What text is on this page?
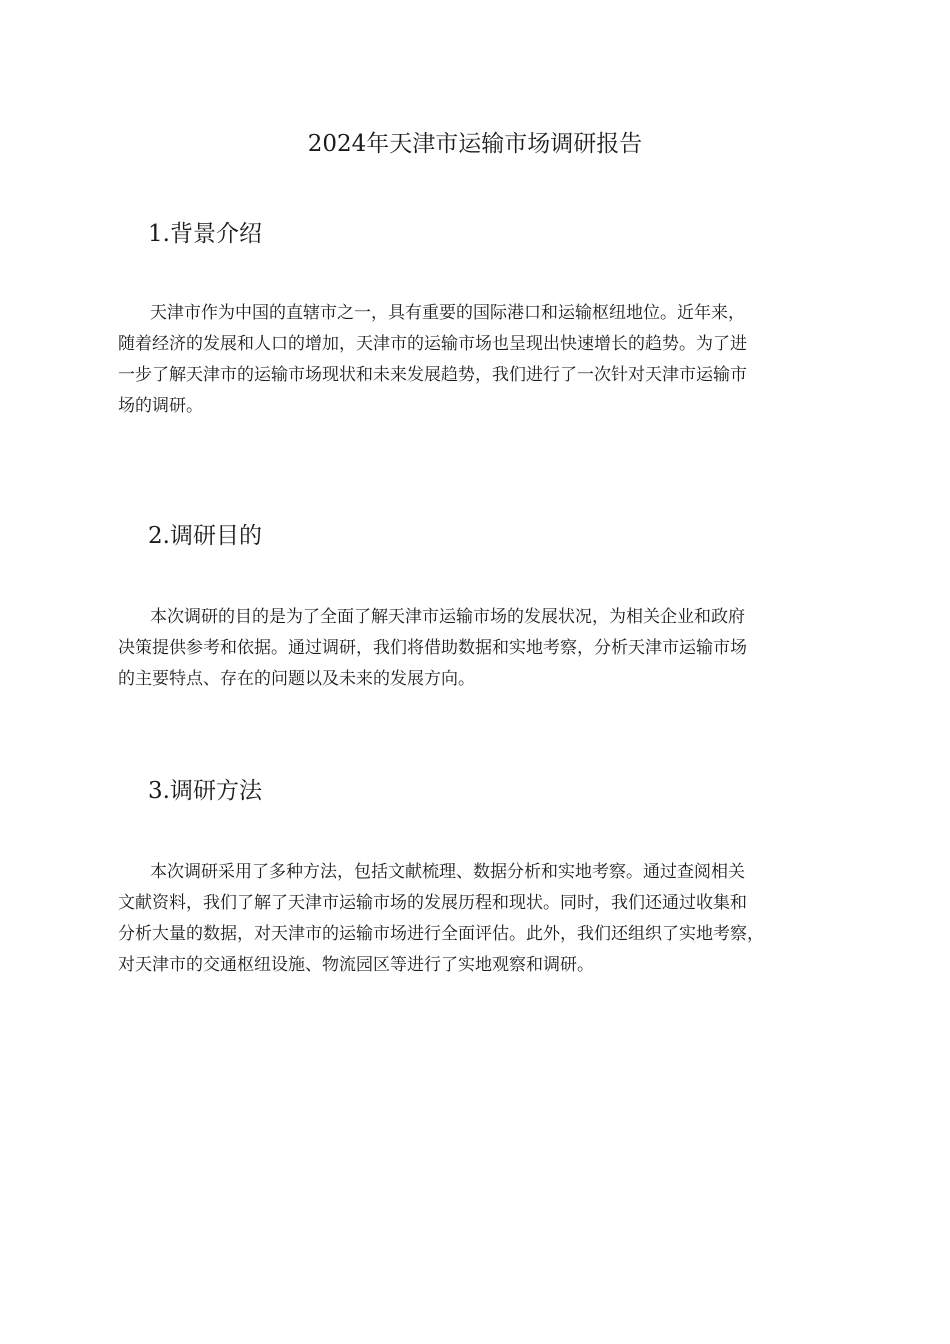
2024年天津市运输市场调研报告
1.背景介绍

天津市作为中国的直辖市之一，具有重要的国际港口和运输枢纽地位。近年来，
随着经济的发展和人口的增加，天津市的运输市场也呈现出快速增长的趋势。为了进
一步了解天津市的运输市场现状和未来发展趋势，我们进行了一次针对天津市运输市
场的调研。

2.调研目的

本次调研的目的是为了全面了解天津市运输市场的发展状况，为相关企业和政府
决策提供参考和依据。通过调研，我们将借助数据和实地考察，分析天津市运输市场
的主要特点、存在的问题以及未来的发展方向。

3.调研方法

本次调研采用了多种方法，包括文献梳理、数据分析和实地考察。通过查阅相关
文献资料，我们了解了天津市运输市场的发展历程和现状。同时，我们还通过收集和
分析大量的数据，对天津市的运输市场进行全面评估。此外，我们还组织了实地考察，
对天津市的交通枢纽设施、物流园区等进行了实地观察和调研。
